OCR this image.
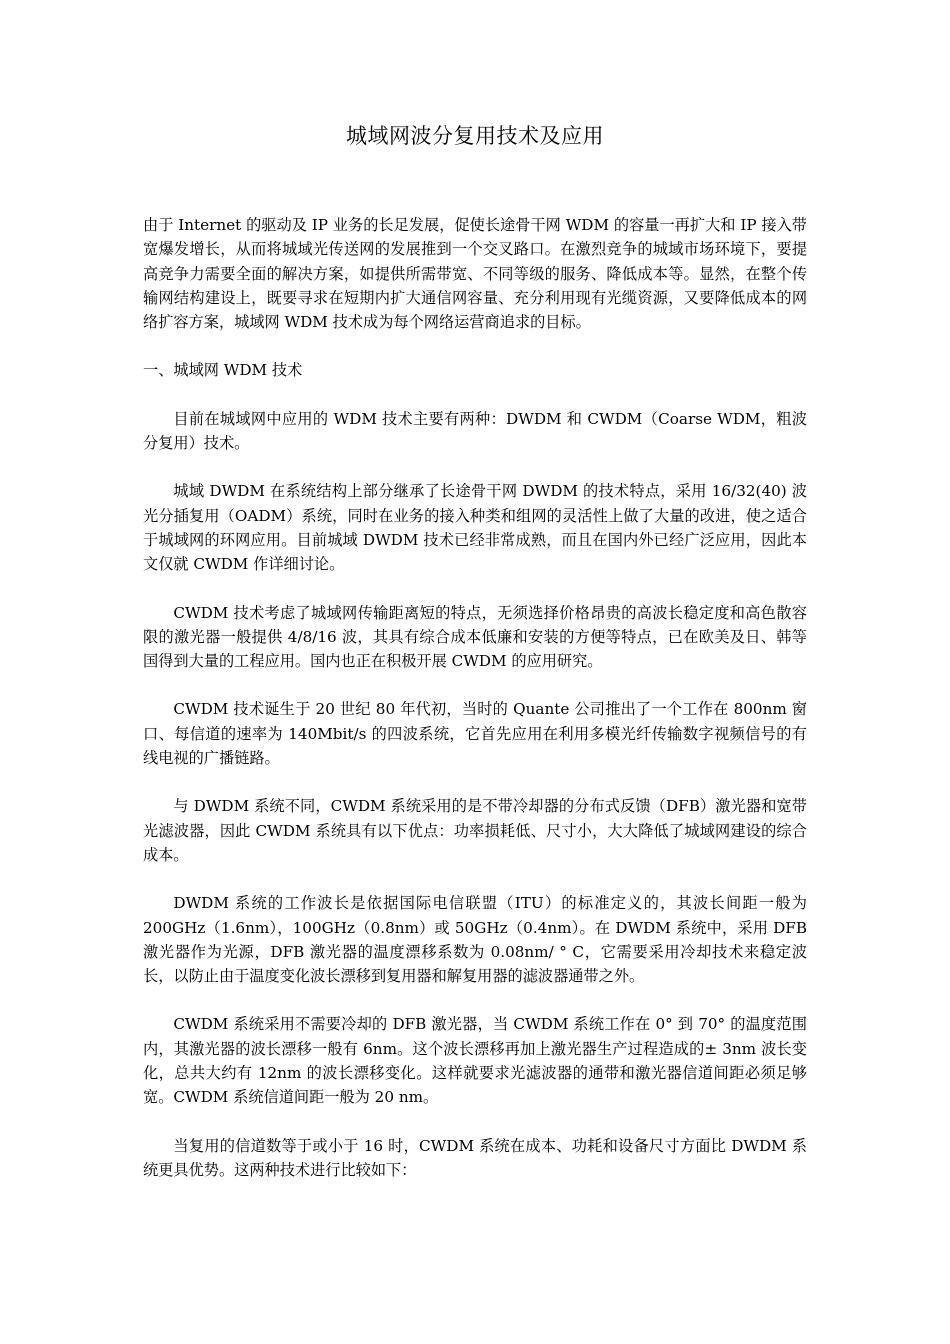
城域网波分复用技术及应用

由于 Internet 的驱动及 IP 业务的长足发展，促使长途骨干网 WDM 的容量一再扩大和 IP 接入带宽爆发增长，从而将城域光传送网的发展推到一个交叉路口。在激烈竞争的城域市场环境下，要提高竞争力需要全面的解决方案，如提供所需带宽、不同等级的服务、降低成本等。显然，在整个传输网结构建设上，既要寻求在短期内扩大通信网容量、充分利用现有光缆资源，又要降低成本的网络扩容方案，城域网 WDM 技术成为每个网络运营商追求的目标。

一、城域网 WDM 技术

目前在城域网中应用的 WDM 技术主要有两种：DWDM 和 CWDM（Coarse WDM，粗波分复用）技术。

城域 DWDM 在系统结构上部分继承了长途骨干网 DWDM 的技术特点，采用 16/32(40) 波光分插复用（OADM）系统，同时在业务的接入种类和组网的灵活性上做了大量的改进，使之适合于城域网的环网应用。目前城域 DWDM 技术已经非常成熟，而且在国内外已经广泛应用，因此本文仅就 CWDM 作详细讨论。

CWDM 技术考虑了城域网传输距离短的特点，无须选择价格昂贵的高波长稳定度和高色散容限的激光器一般提供 4/8/16 波，其具有综合成本低廉和安装的方便等特点，已在欧美及日、韩等国得到大量的工程应用。国内也正在积极开展 CWDM 的应用研究。

CWDM 技术诞生于 20 世纪 80 年代初，当时的 Quante 公司推出了一个工作在 800nm 窗口、每信道的速率为 140Mbit/s 的四波系统，它首先应用在利用多模光纤传输数字视频信号的有线电视的广播链路。

与 DWDM 系统不同，CWDM 系统采用的是不带冷却器的分布式反馈（DFB）激光器和宽带光滤波器，因此 CWDM 系统具有以下优点：功率损耗低、尺寸小，大大降低了城域网建设的综合成本。

DWDM 系统的工作波长是依据国际电信联盟（ITU）的标准定义的，其波长间距一般为 200GHz（1.6nm），100GHz（0.8nm）或 50GHz（0.4nm）。在 DWDM 系统中，采用 DFB 激光器作为光源，DFB 激光器的温度漂移系数为 0.08nm/ ° C，它需要采用冷却技术来稳定波长，以防止由于温度变化波长漂移到复用器和解复用器的滤波器通带之外。

CWDM 系统采用不需要冷却的 DFB 激光器，当 CWDM 系统工作在 0° 到 70° 的温度范围内，其激光器的波长漂移一般有 6nm。这个波长漂移再加上激光器生产过程造成的± 3nm 波长变化，总共大约有 12nm 的波长漂移变化。这样就要求光滤波器的通带和激光器信道间距必须足够宽。CWDM 系统信道间距一般为 20 nm。

当复用的信道数等于或小于 16 时，CWDM 系统在成本、功耗和设备尺寸方面比 DWDM 系统更具优势。这两种技术进行比较如下：
